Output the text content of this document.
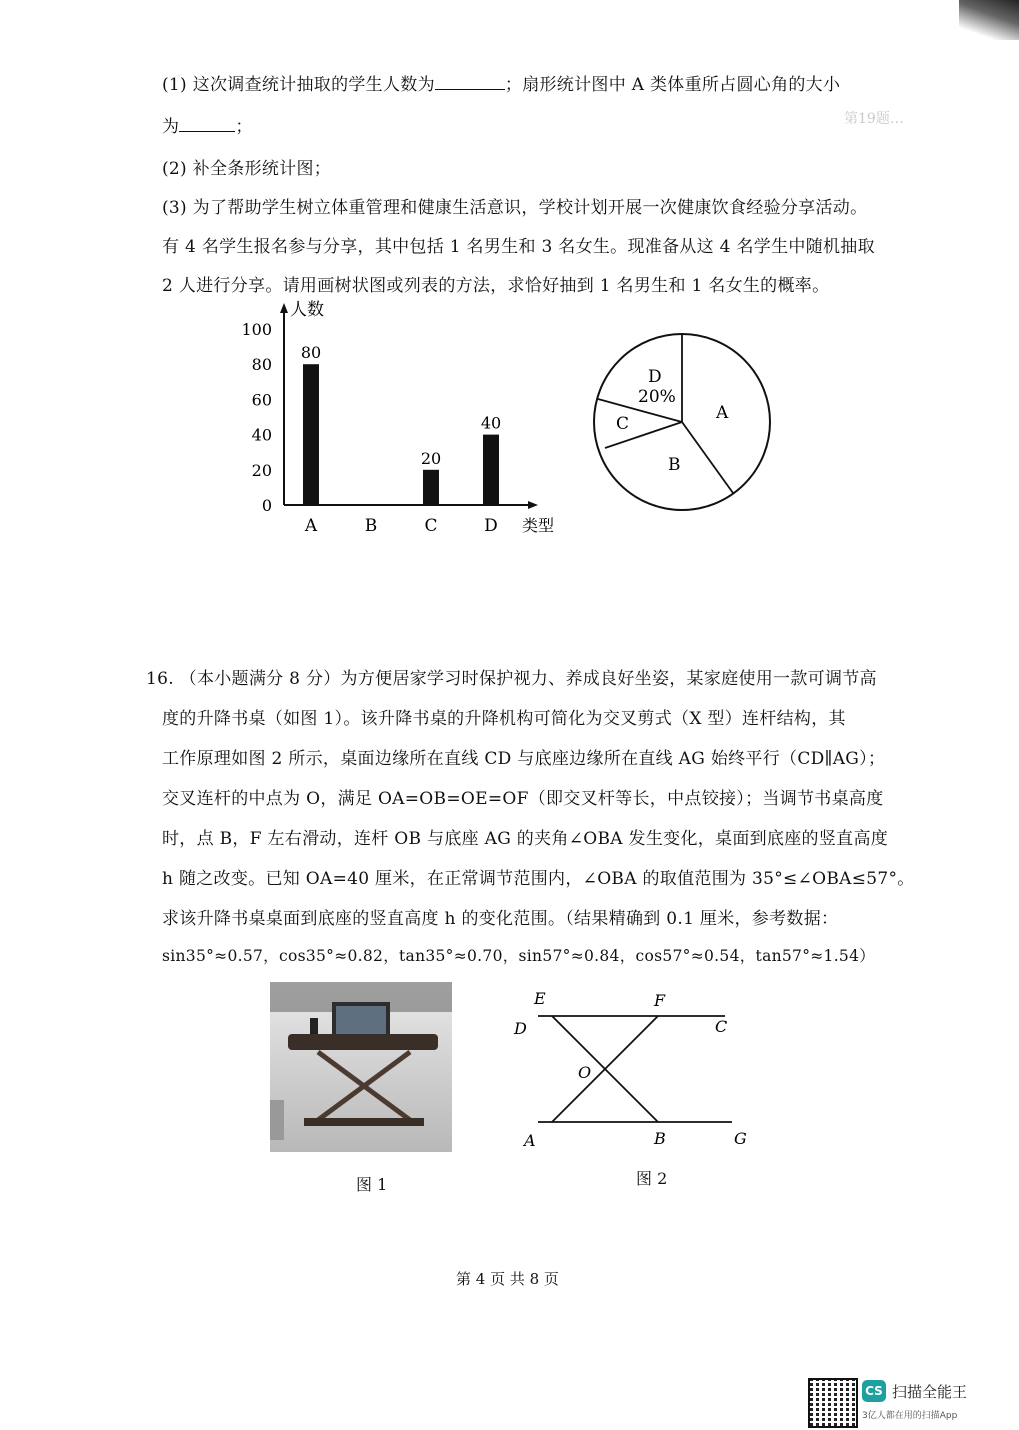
第19题…
(1) 这次调查统计抽取的学生人数为	；扇形统计图中 A 类体重所占圆心角的大小
为	；
(2) 补全条形统计图；
(3) 为了帮助学生树立体重管理和健康生活意识，学校计划开展一次健康饮食经验分享活动。
有 4 名学生报名参与分享，其中包括 1 名男生和 3 名女生。现准备从这 4 名学生中随机抽取
2 人进行分享。请用画树状图或列表的方法，求恰好抽到 1 名男生和 1 名女生的概率。
人数
类型
0
20
40
60
80
100
80
A	B
20
C
40
D
A
B
C
D
20%
16. （本小题满分 8 分）为方便居家学习时保护视力、养成良好坐姿，某家庭使用一款可调节高
度的升降书桌（如图 1）。该升降书桌的升降机构可简化为交叉剪式（X 型）连杆结构，其
工作原理如图 2 所示，桌面边缘所在直线 CD 与底座边缘所在直线 AG 始终平行（CD∥AG）；
交叉连杆的中点为 O，满足 OA=OB=OE=OF（即交叉杆等长，中点铰接）；当调节书桌高度
时，点 B，F 左右滑动，连杆 OB 与底座 AG 的夹角∠OBA 发生变化，桌面到底座的竖直高度
h 随之改变。已知 OA=40 厘米，在正常调节范围内，∠OBA 的取值范围为 35°≤∠OBA≤57°。
求该升降书桌桌面到底座的竖直高度 h 的变化范围。（结果精确到 0.1 厘米，参考数据：
sin35°≈0.57，cos35°≈0.82，tan35°≈0.70，sin57°≈0.84，cos57°≈0.54，tan57°≈1.54）
图 1
E	F
D	C
O
A	B	G
图 2
第 4 页 共 8 页
CS 扫描全能王
3亿人都在用的扫描App
